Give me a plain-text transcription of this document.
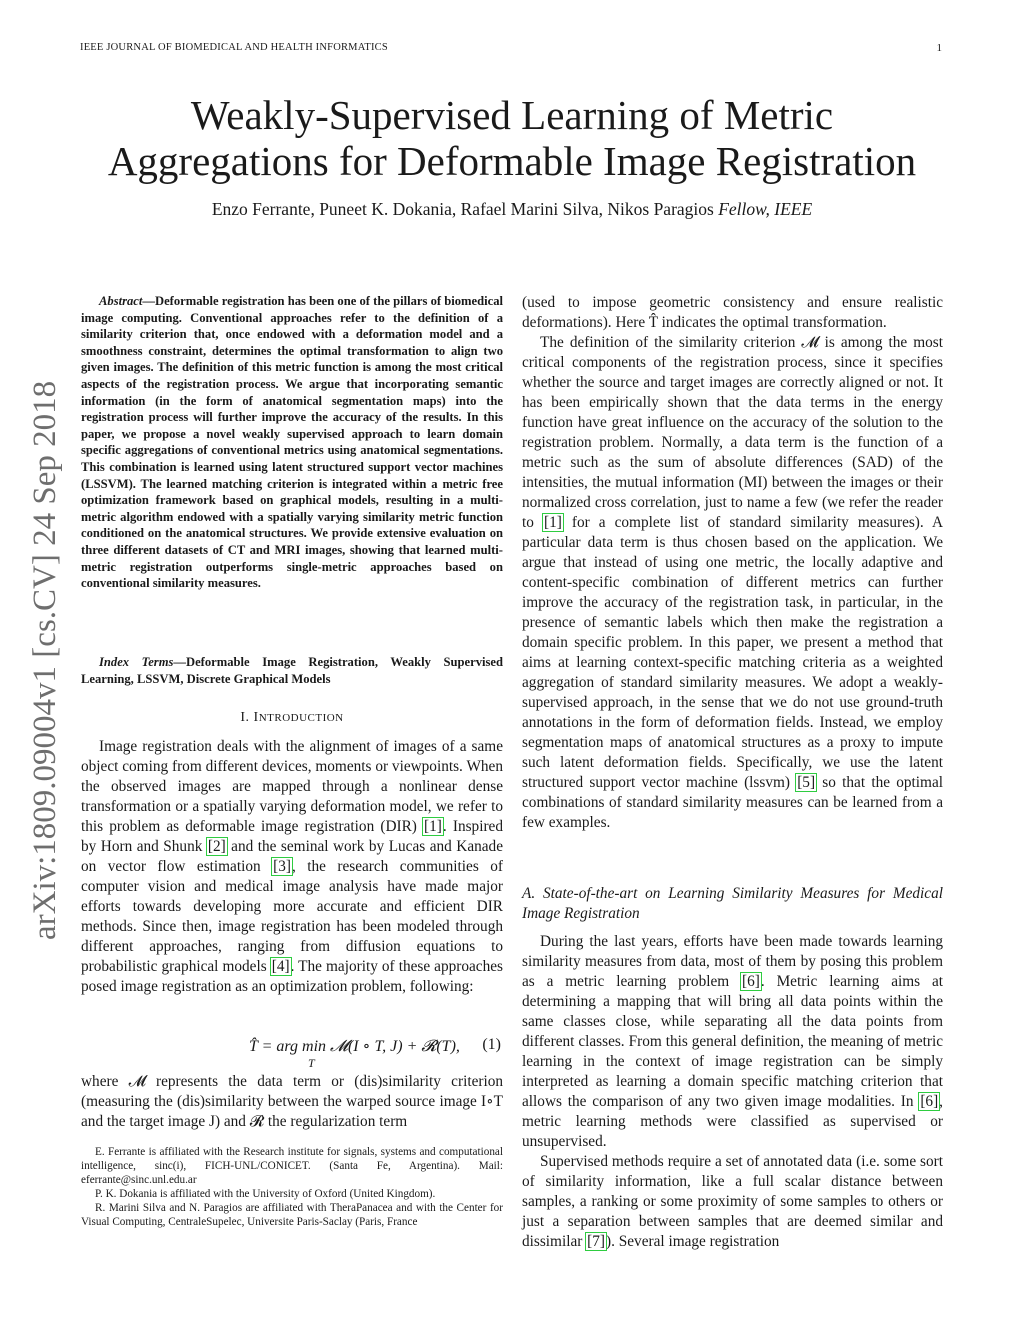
IEEE JOURNAL OF BIOMEDICAL AND HEALTH INFORMATICS	1
arXiv:1809.09004v1 [cs.CV] 24 Sep 2018
Weakly-Supervised Learning of Metric
Aggregations for Deformable Image Registration
Enzo Ferrante, Puneet K. Dokania, Rafael Marini Silva, Nikos Paragios Fellow, IEEE

Abstract—Deformable registration has been one of the pillars of biomedical image computing. Conventional approaches refer to the definition of a similarity criterion that, once endowed with a deformation model and a smoothness constraint, determines the optimal transformation to align two given images. The definition of this metric function is among the most critical aspects of the registration process. We argue that incorporating semantic information (in the form of anatomical segmentation maps) into the registration process will further improve the accuracy of the results. In this paper, we propose a novel weakly supervised approach to learn domain specific aggregations of conventional metrics using anatomical segmentations. This combination is learned using latent structured support vector machines (LSSVM). The learned matching criterion is integrated within a metric free optimization framework based on graphical models, resulting in a multi-metric algorithm endowed with a spatially varying similarity metric function conditioned on the anatomical structures. We provide extensive evaluation on three different datasets of CT and MRI images, showing that learned multi-metric registration outperforms single-metric approaches based on conventional similarity measures.

Index Terms—Deformable Image Registration, Weakly Supervised Learning, LSSVM, Discrete Graphical Models

I. INTRODUCTION

Image registration deals with the alignment of images of a same object coming from different devices, moments or viewpoints. When the observed images are mapped through a nonlinear dense transformation or a spatially varying deformation model, we refer to this problem as deformable image registration (DIR) [1]. Inspired by Horn and Shunk [2] and the seminal work by Lucas and Kanade on vector flow estimation [3], the research communities of computer vision and medical image analysis have made major efforts towards developing more accurate and efficient DIR methods. Since then, image registration has been modeled through different approaches, ranging from diffusion equations to probabilistic graphical models [4]. The majority of these approaches posed image registration as an optimization problem, following:

T̂ = arg min 𝓜(I ∘ T, J) + 𝓡(T),
T
(1)

where 𝓜 represents the data term or (dis)similarity criterion (measuring the (dis)similarity between the warped source image I∘T and the target image J) and 𝓡 the regularization term

E. Ferrante is affiliated with the Research institute for signals, systems and computational intelligence, sinc(i), FICH-UNL/CONICET. (Santa Fe, Argentina). Mail: eferrante@sinc.unl.edu.ar

P. K. Dokania is affiliated with the University of Oxford (United Kingdom).

R. Marini Silva and N. Paragios are affiliated with TheraPanacea and with the Center for Visual Computing, CentraleSupelec, Universite Paris-Saclay (Paris, France

(used to impose geometric consistency and ensure realistic deformations). Here T̂ indicates the optimal transformation.

The definition of the similarity criterion 𝓜 is among the most critical components of the registration process, since it specifies whether the source and target images are correctly aligned or not. It has been empirically shown that the data terms in the energy function have great influence on the accuracy of the solution to the registration problem. Normally, a data term is the function of a metric such as the sum of absolute differences (SAD) of the intensities, the mutual information (MI) between the images or their normalized cross correlation, just to name a few (we refer the reader to [1] for a complete list of standard similarity measures). A particular data term is thus chosen based on the application. We argue that instead of using one metric, the locally adaptive and content-specific combination of different metrics can further improve the accuracy of the registration task, in particular, in the presence of semantic labels which then make the registration a domain specific problem. In this paper, we present a method that aims at learning context-specific matching criteria as a weighted aggregation of standard similarity measures. We adopt a weakly-supervised approach, in the sense that we do not use ground-truth annotations in the form of deformation fields. Instead, we employ segmentation maps of anatomical structures as a proxy to impute such latent deformation fields. Specifically, we use the latent structured support vector machine (lssvm) [5] so that the optimal combinations of standard similarity measures can be learned from a few examples.

A. State-of-the-art on Learning Similarity Measures for Medical Image Registration

During the last years, efforts have been made towards learning similarity measures from data, most of them by posing this problem as a metric learning problem [6]. Metric learning aims at determining a mapping that will bring all data points within the same classes close, while separating all the data points from different classes. From this general definition, the meaning of metric learning in the context of image registration can be simply interpreted as learning a domain specific matching criterion that allows the comparison of any two given image modalities. In [6], metric learning methods were classified as supervised or unsupervised.

Supervised methods require a set of annotated data (i.e. some sort of similarity information, like a full scalar distance between samples, a ranking or some proximity of some samples to others or just a separation between samples that are deemed similar and dissimilar [7]). Several image registration
